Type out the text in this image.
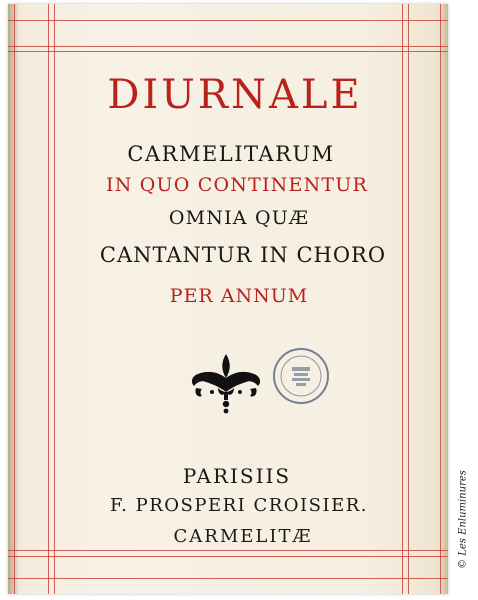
DIURNALE
CARMELITARUM
IN QUO CONTINENTUR
OMNIA QUÆ
CANTANTUR IN CHORO
PER ANNUM
PARISIIS
F. PROSPERI CROISIER.
CARMELITÆ	© Les Enluminures
